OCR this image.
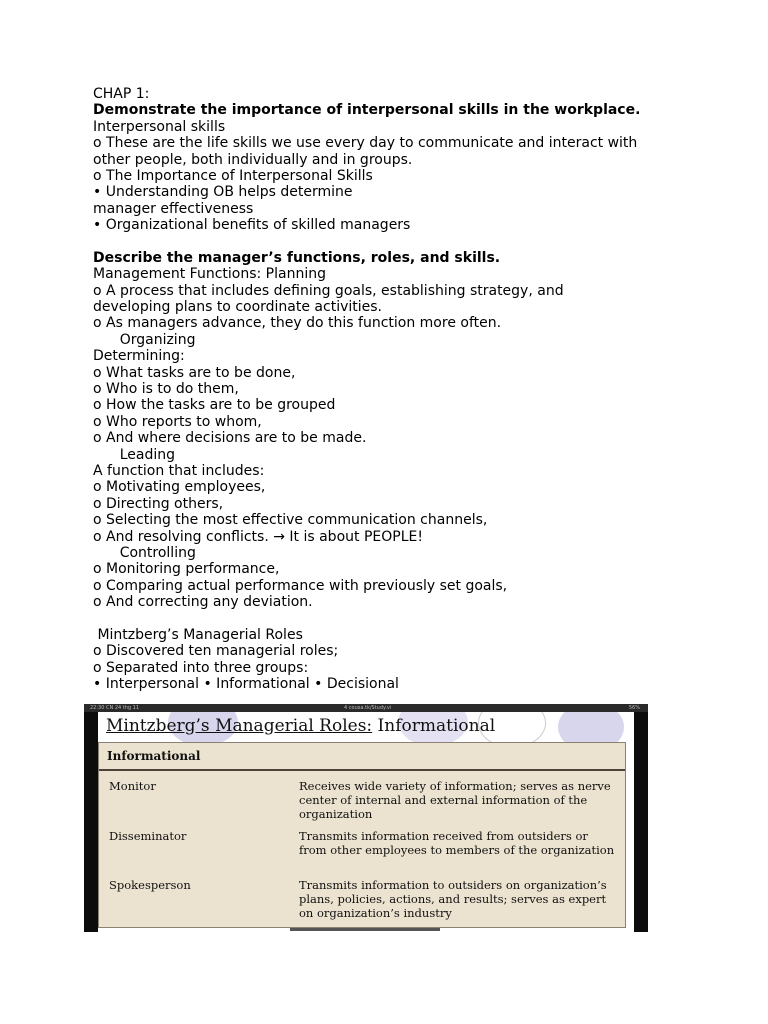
CHAP 1:
Demonstrate the importance of interpersonal skills in the workplace.
Interpersonal skills
o These are the life skills we use every day to communicate and interact with
other people, both individually and in groups.
o The Importance of Interpersonal Skills
• Understanding OB helps determine
manager effectiveness
• Organizational benefits of skilled managers
Describe the manager’s functions, roles, and skills.
Management Functions: Planning
o A process that includes defining goals, establishing strategy, and
developing plans to coordinate activities.
o As managers advance, they do this function more often.
Organizing
Determining:
o What tasks are to be done,
o Who is to do them,
o How the tasks are to be grouped
o Who reports to whom,
o And where decisions are to be made.
Leading
A function that includes:
o Motivating employees,
o Directing others,
o Selecting the most effective communication channels,
o And resolving conflicts. → It is about PEOPLE!
Controlling
o Monitoring performance,
o Comparing actual performance with previously set goals,
o And correcting any deviation.
Mintzberg’s Managerial Roles
o Discovered ten managerial roles;
o Separated into three groups:
• Interpersonal • Informational • Decisional
22:30 CN 24 thg 11	4 cousa.tk/Study.vi	56%
Mintzberg’s Managerial Roles: Informational
Informational
Monitor	Receives wide variety of information; serves as nerve center of internal and external information of the organization
Disseminator	Transmits information received from outsiders or from other employees to members of the organization
Spokesperson	Transmits information to outsiders on organization’s plans, policies, actions, and results; serves as expert on organization’s industry
